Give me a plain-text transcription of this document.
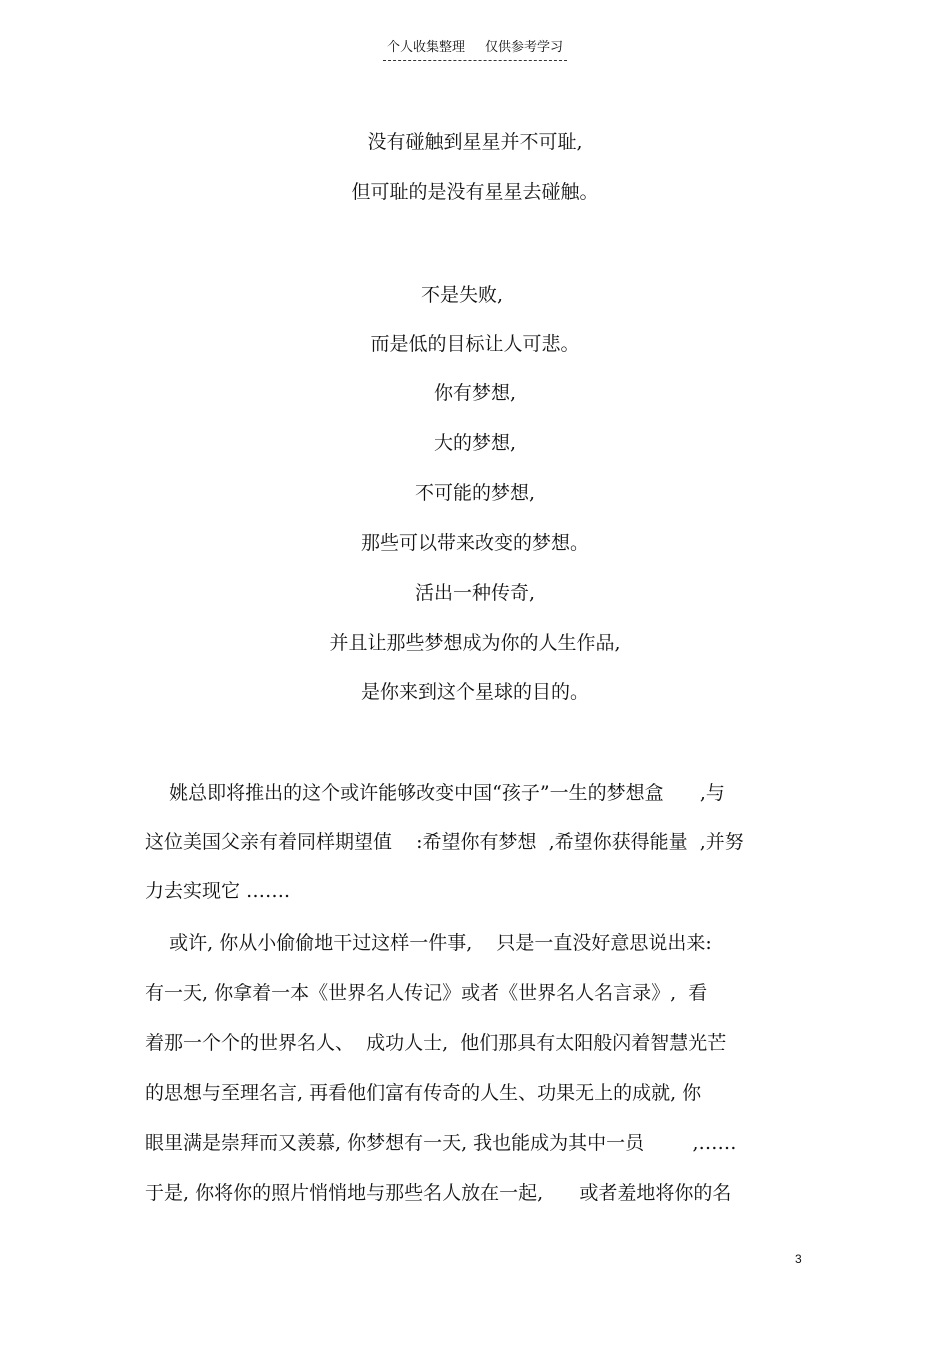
个人收集整理 仅供参考学习
没有碰触到星星并不可耻,
但可耻的是没有星星去碰触。
不是失败,
而是低的目标让人可悲。
你有梦想,
大的梦想,
不可能的梦想,
那些可以带来改变的梦想。
活出一种传奇,
并且让那些梦想成为你的人生作品,
是你来到这个星球的目的。
姚总即将推出的这个或许能够改变中国“孩子”一生的梦想盒      ,与
这位美国父亲有着同样期望值    :希望你有梦想  ,希望你获得能量  ,并努
力去实现它 …….
或许, 你从小偷偷地干过这样一件事,    只是一直没好意思说出来:
有一天, 你拿着一本《世界名人传记》或者《世界名人名言录》,  看
着那一个个的世界名人、  成功人士,  他们那具有太阳般闪着智慧光芒
的思想与至理名言, 再看他们富有传奇的人生、功果无上的成就, 你
眼里满是崇拜而又羡慕, 你梦想有一天, 我也能成为其中一员        ,……
于是, 你将你的照片悄悄地与那些名人放在一起,      或者羞地将你的名
3
